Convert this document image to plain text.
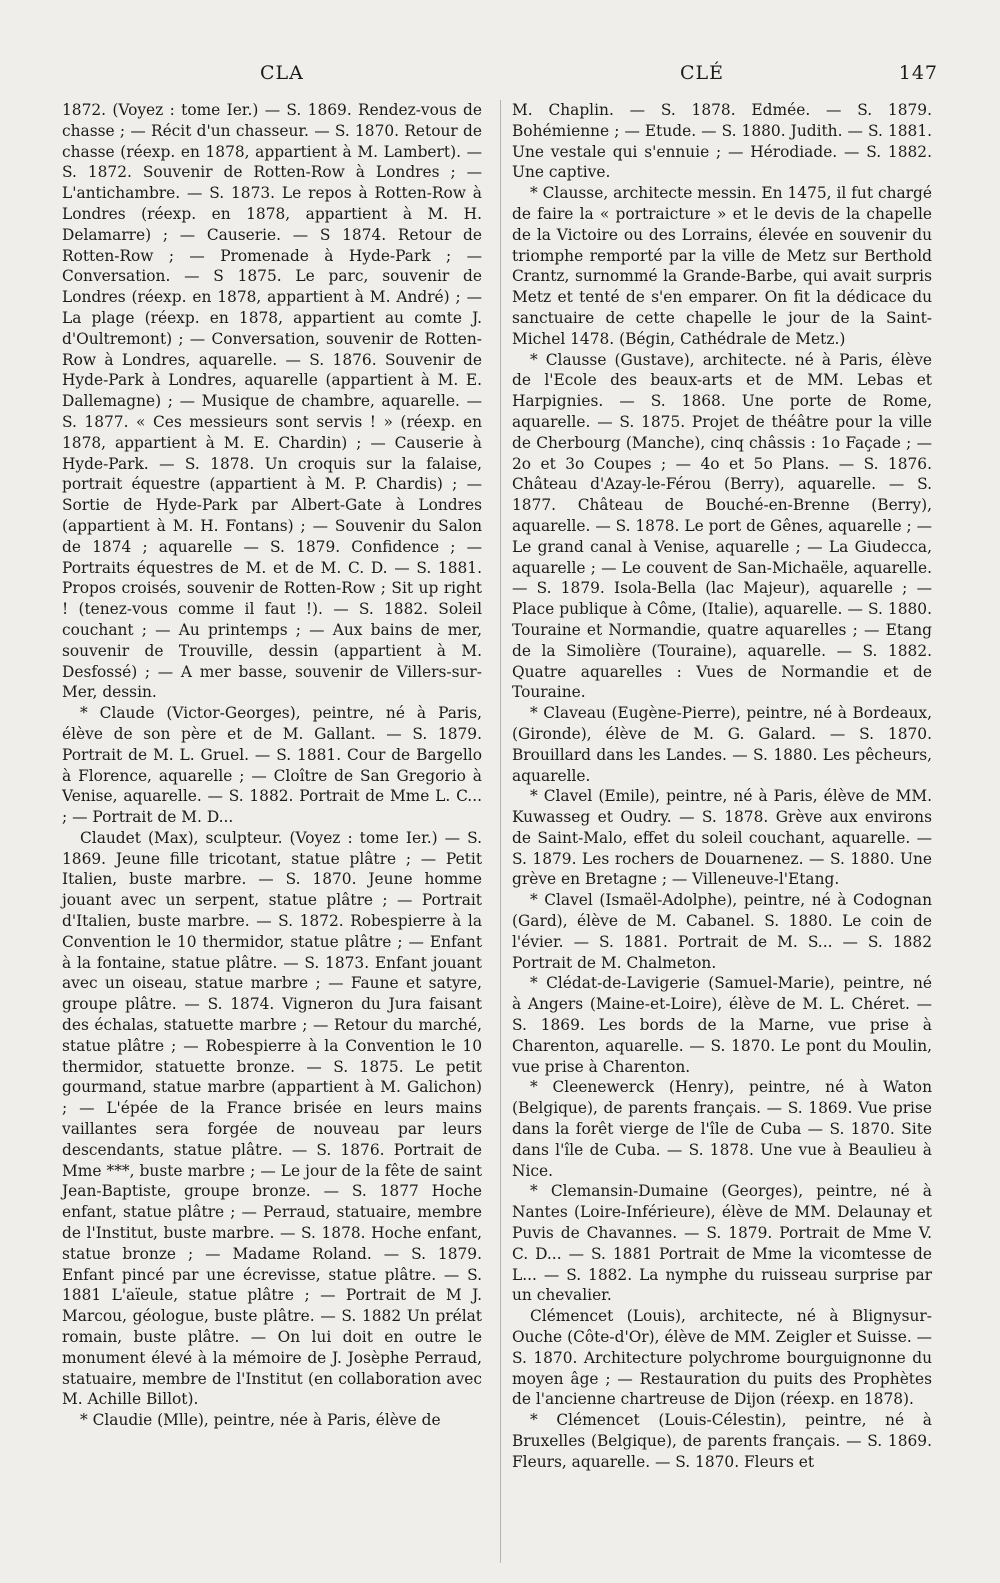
CLA	CLÉ	147

1872. (Voyez : tome Ier.) — S. 1869. Rendez-vous de chasse ; — Récit d'un chasseur. — S. 1870. Retour de chasse (réexp. en 1878, appartient à M. Lambert). — S. 1872. Souvenir de Rotten-Row à Londres ; — L'antichambre. — S. 1873. Le repos à Rotten-Row à Londres (réexp. en 1878, appartient à M. H. Delamarre) ; — Causerie. — S 1874. Retour de Rotten-Row ; — Promenade à Hyde-Park ; — Conversation. — S 1875. Le parc, souvenir de Londres (réexp. en 1878, appartient à M. André) ; — La plage (réexp. en 1878, appartient au comte J. d'Oultremont) ; — Conversation, souvenir de Rotten-Row à Londres, aquarelle. — S. 1876. Souvenir de Hyde-Park à Londres, aquarelle (appartient à M. E. Dallemagne) ; — Musique de chambre, aquarelle. — S. 1877. « Ces messieurs sont servis ! » (réexp. en 1878, appartient à M. E. Chardin) ; — Causerie à Hyde-Park. — S. 1878. Un croquis sur la falaise, portrait équestre (appartient à M. P. Chardis) ; — Sortie de Hyde-Park par Albert-Gate à Londres (appartient à M. H. Fontans) ; — Souvenir du Salon de 1874 ; aquarelle — S. 1879. Confidence ; — Portraits équestres de M. et de M. C. D. — S. 1881. Propos croisés, souvenir de Rotten-Row ; Sit up right ! (tenez-vous comme il faut !). — S. 1882. Soleil couchant ; — Au printemps ; — Aux bains de mer, souvenir de Trouville, dessin (appartient à M. Desfossé) ; — A mer basse, souvenir de Villers-sur-Mer, dessin.

* Claude (Victor-Georges), peintre, né à Paris, élève de son père et de M. Gallant. — S. 1879. Portrait de M. L. Gruel. — S. 1881. Cour de Bargello à Florence, aquarelle ; — Cloître de San Gregorio à Venise, aquarelle. — S. 1882. Portrait de Mme L. C... ; — Portrait de M. D...

Claudet (Max), sculpteur. (Voyez : tome Ier.) — S. 1869. Jeune fille tricotant, statue plâtre ; — Petit Italien, buste marbre. — S. 1870. Jeune homme jouant avec un serpent, statue plâtre ; — Portrait d'Italien, buste marbre. — S. 1872. Robespierre à la Convention le 10 thermidor, statue plâtre ; — Enfant à la fontaine, statue plâtre. — S. 1873. Enfant jouant avec un oiseau, statue marbre ; — Faune et satyre, groupe plâtre. — S. 1874. Vigneron du Jura faisant des échalas, statuette marbre ; — Retour du marché, statue plâtre ; — Robespierre à la Convention le 10 thermidor, statuette bronze. — S. 1875. Le petit gourmand, statue marbre (appartient à M. Galichon) ; — L'épée de la France brisée en leurs mains vaillantes sera forgée de nouveau par leurs descendants, statue plâtre. — S. 1876. Portrait de Mme ***, buste marbre ; — Le jour de la fête de saint Jean-Baptiste, groupe bronze. — S. 1877 Hoche enfant, statue plâtre ; — Perraud, statuaire, membre de l'Institut, buste marbre. — S. 1878. Hoche enfant, statue bronze ; — Madame Roland. — S. 1879. Enfant pincé par une écrevisse, statue plâtre. — S. 1881 L'aïeule, statue plâtre ; — Portrait de M J. Marcou, géologue, buste plâtre. — S. 1882 Un prélat romain, buste plâtre. — On lui doit en outre le monument élevé à la mémoire de J. Josèphe Perraud, statuaire, membre de l'Institut (en collaboration avec M. Achille Billot).

* Claudie (Mlle), peintre, née à Paris, élève de

M. Chaplin. — S. 1878. Edmée. — S. 1879. Bohémienne ; — Etude. — S. 1880. Judith. — S. 1881. Une vestale qui s'ennuie ; — Hérodiade. — S. 1882. Une captive.

* Clausse, architecte messin. En 1475, il fut chargé de faire la « portraicture » et le devis de la chapelle de la Victoire ou des Lorrains, élevée en souvenir du triomphe remporté par la ville de Metz sur Berthold Crantz, surnommé la Grande-Barbe, qui avait surpris Metz et tenté de s'en emparer. On fit la dédicace du sanctuaire de cette chapelle le jour de la Saint-Michel 1478. (Bégin, Cathédrale de Metz.)

* Clausse (Gustave), architecte. né à Paris, élève de l'Ecole des beaux-arts et de MM. Lebas et Harpignies. — S. 1868. Une porte de Rome, aquarelle. — S. 1875. Projet de théâtre pour la ville de Cherbourg (Manche), cinq châssis : 1o Façade ; — 2o et 3o Coupes ; — 4o et 5o Plans. — S. 1876. Château d'Azay-le-Férou (Berry), aquarelle. — S. 1877. Château de Bouché-en-Brenne (Berry), aquarelle. — S. 1878. Le port de Gênes, aquarelle ; — Le grand canal à Venise, aquarelle ; — La Giudecca, aquarelle ; — Le couvent de San-Michaële, aquarelle. — S. 1879. Isola-Bella (lac Majeur), aquarelle ; — Place publique à Côme, (Italie), aquarelle. — S. 1880. Touraine et Normandie, quatre aquarelles ; — Etang de la Simolière (Touraine), aquarelle. — S. 1882. Quatre aquarelles : Vues de Normandie et de Touraine.

* Claveau (Eugène-Pierre), peintre, né à Bordeaux, (Gironde), élève de M. G. Galard. — S. 1870. Brouillard dans les Landes. — S. 1880. Les pêcheurs, aquarelle.

* Clavel (Emile), peintre, né à Paris, élève de MM. Kuwasseg et Oudry. — S. 1878. Grève aux environs de Saint-Malo, effet du soleil couchant, aquarelle. — S. 1879. Les rochers de Douarnenez. — S. 1880. Une grève en Bretagne ; — Villeneuve-l'Etang.

* Clavel (Ismaël-Adolphe), peintre, né à Codognan (Gard), élève de M. Cabanel. S. 1880. Le coin de l'évier. — S. 1881. Portrait de M. S... — S. 1882 Portrait de M. Chalmeton.

* Clédat-de-Lavigerie (Samuel-Marie), peintre, né à Angers (Maine-et-Loire), élève de M. L. Chéret. — S. 1869. Les bords de la Marne, vue prise à Charenton, aquarelle. — S. 1870. Le pont du Moulin, vue prise à Charenton.

* Cleenewerck (Henry), peintre, né à Waton (Belgique), de parents français. — S. 1869. Vue prise dans la forêt vierge de l'île de Cuba — S. 1870. Site dans l'île de Cuba. — S. 1878. Une vue à Beaulieu à Nice.

* Clemansin-Dumaine (Georges), peintre, né à Nantes (Loire-Inférieure), élève de MM. Delaunay et Puvis de Chavannes. — S. 1879. Portrait de Mme V. C. D... — S. 1881 Portrait de Mme la vicomtesse de L... — S. 1882. La nymphe du ruisseau surprise par un chevalier.

Clémencet (Louis), architecte, né à Blignysur-Ouche (Côte-d'Or), élève de MM. Zeigler et Suisse. — S. 1870. Architecture polychrome bourguignonne du moyen âge ; — Restauration du puits des Prophètes de l'ancienne chartreuse de Dijon (réexp. en 1878).

* Clémencet (Louis-Célestin), peintre, né à Bruxelles (Belgique), de parents français. — S. 1869. Fleurs, aquarelle. — S. 1870. Fleurs et
